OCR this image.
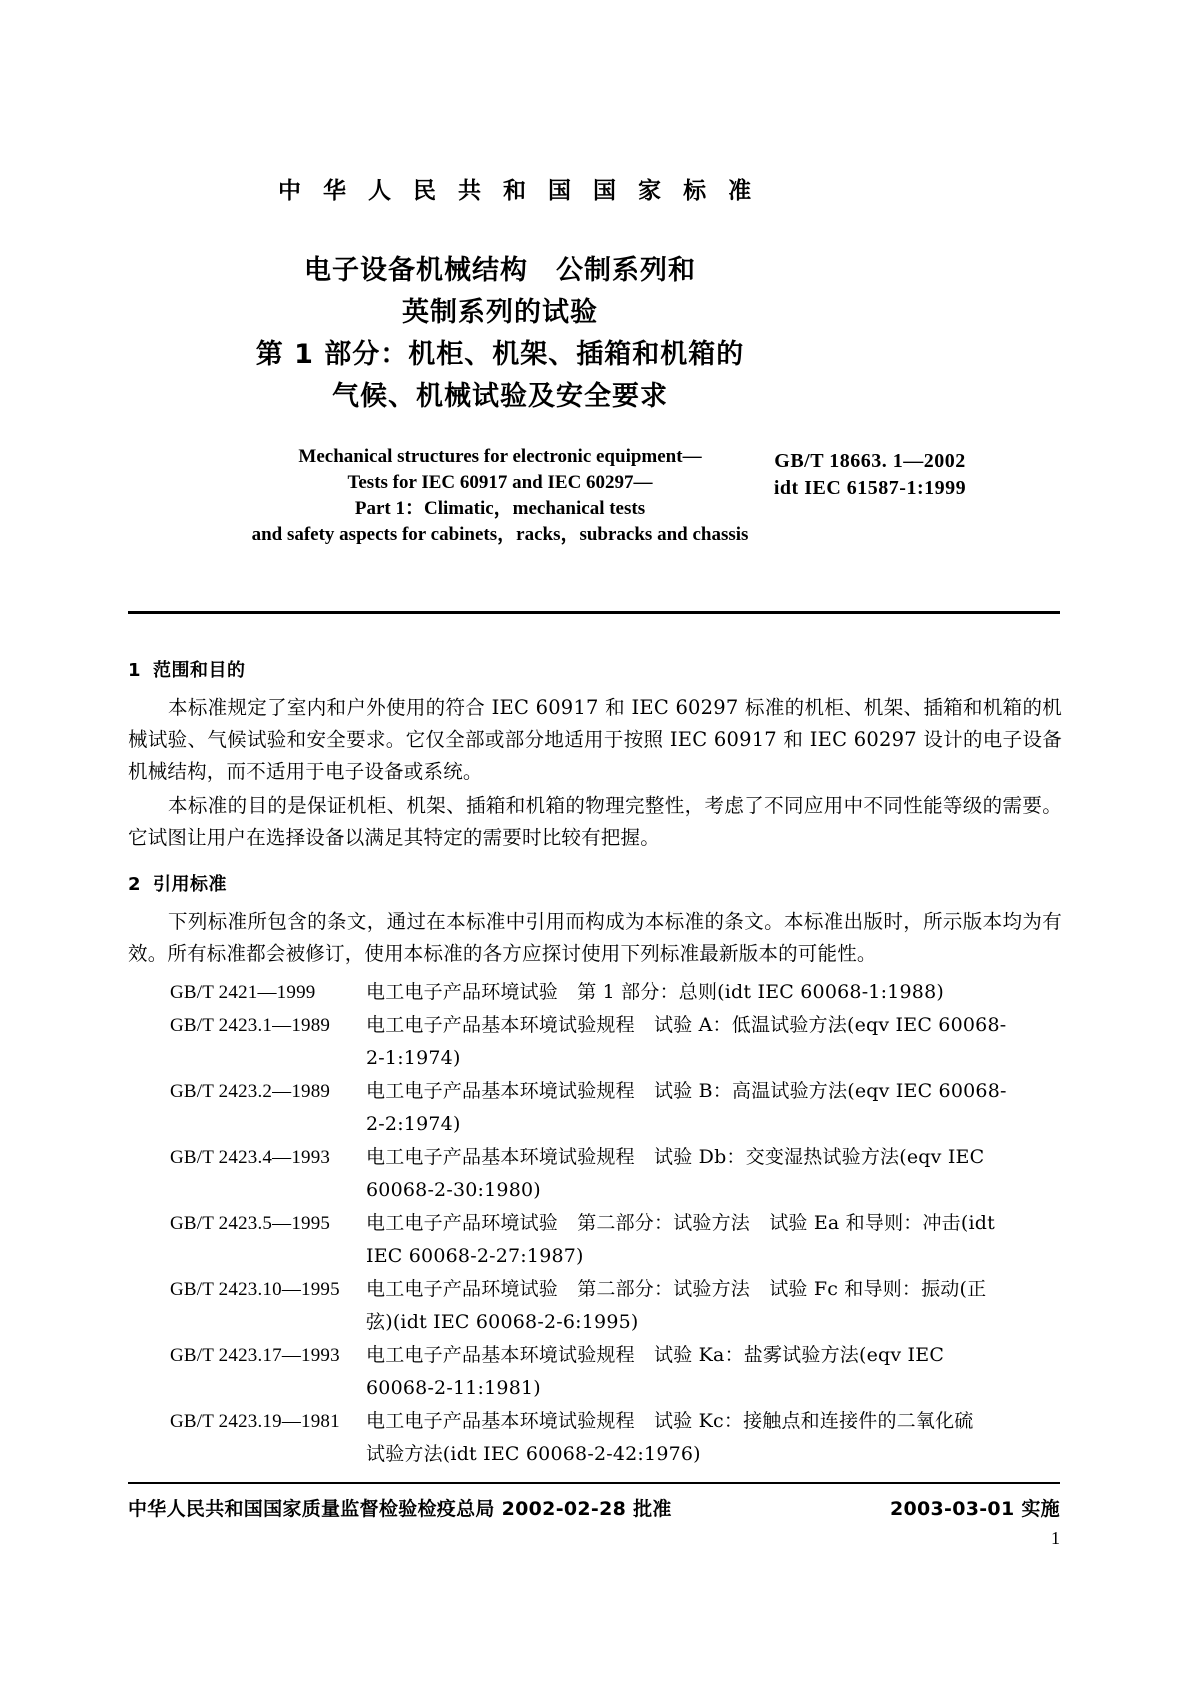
中 华 人 民 共 和 国 国 家 标 准
电子设备机械结构　公制系列和
英制系列的试验
第 1 部分：机柜、机架、插箱和机箱的
气候、机械试验及安全要求
Mechanical structures for electronic equipment—
Tests for IEC 60917 and IEC 60297—
Part 1：Climatic，mechanical tests
and safety aspects for cabinets，racks，subracks and chassis
GB/T 18663. 1—2002
idt IEC 61587-1:1999
1 范围和目的

本标准规定了室内和户外使用的符合 IEC 60917 和 IEC 60297 标准的机柜、机架、插箱和机箱的机械试验、气候试验和安全要求。它仅全部或部分地适用于按照 IEC 60917 和 IEC 60297 设计的电子设备机械结构，而不适用于电子设备或系统。

本标准的目的是保证机柜、机架、插箱和机箱的物理完整性，考虑了不同应用中不同性能等级的需要。它试图让用户在选择设备以满足其特定的需要时比较有把握。

2 引用标准

下列标准所包含的条文，通过在本标准中引用而构成为本标准的条文。本标准出版时，所示版本均为有效。所有标准都会被修订，使用本标准的各方应探讨使用下列标准最新版本的可能性。

GB/T 2421—1999	电工电子产品环境试验　第 1 部分：总则(idt IEC 60068-1:1988)
GB/T 2423.1—1989 电工电子产品基本环境试验规程　试验 A：低温试验方法(eqv IEC 60068-
2-1:1974)
GB/T 2423.2—1989 电工电子产品基本环境试验规程　试验 B：高温试验方法(eqv IEC 60068-
2-2:1974)
GB/T 2423.4—1993 电工电子产品基本环境试验规程　试验 Db：交变湿热试验方法(eqv IEC
60068-2-30:1980)
GB/T 2423.5—1995 电工电子产品环境试验　第二部分：试验方法　试验 Ea 和导则：冲击(idt
IEC 60068-2-27:1987)
GB/T 2423.10—1995 电工电子产品环境试验　第二部分：试验方法　试验 Fc 和导则：振动(正
弦)(idt IEC 60068-2-6:1995)
GB/T 2423.17—1993 电工电子产品基本环境试验规程　试验 Ka：盐雾试验方法(eqv IEC
60068-2-11:1981)
GB/T 2423.19—1981 电工电子产品基本环境试验规程　试验 Kc：接触点和连接件的二氧化硫
试验方法(idt IEC 60068-2-42:1976)
中华人民共和国国家质量监督检验检疫总局 2002‐02‐28 批准	2003‐03‐01 实施
1
